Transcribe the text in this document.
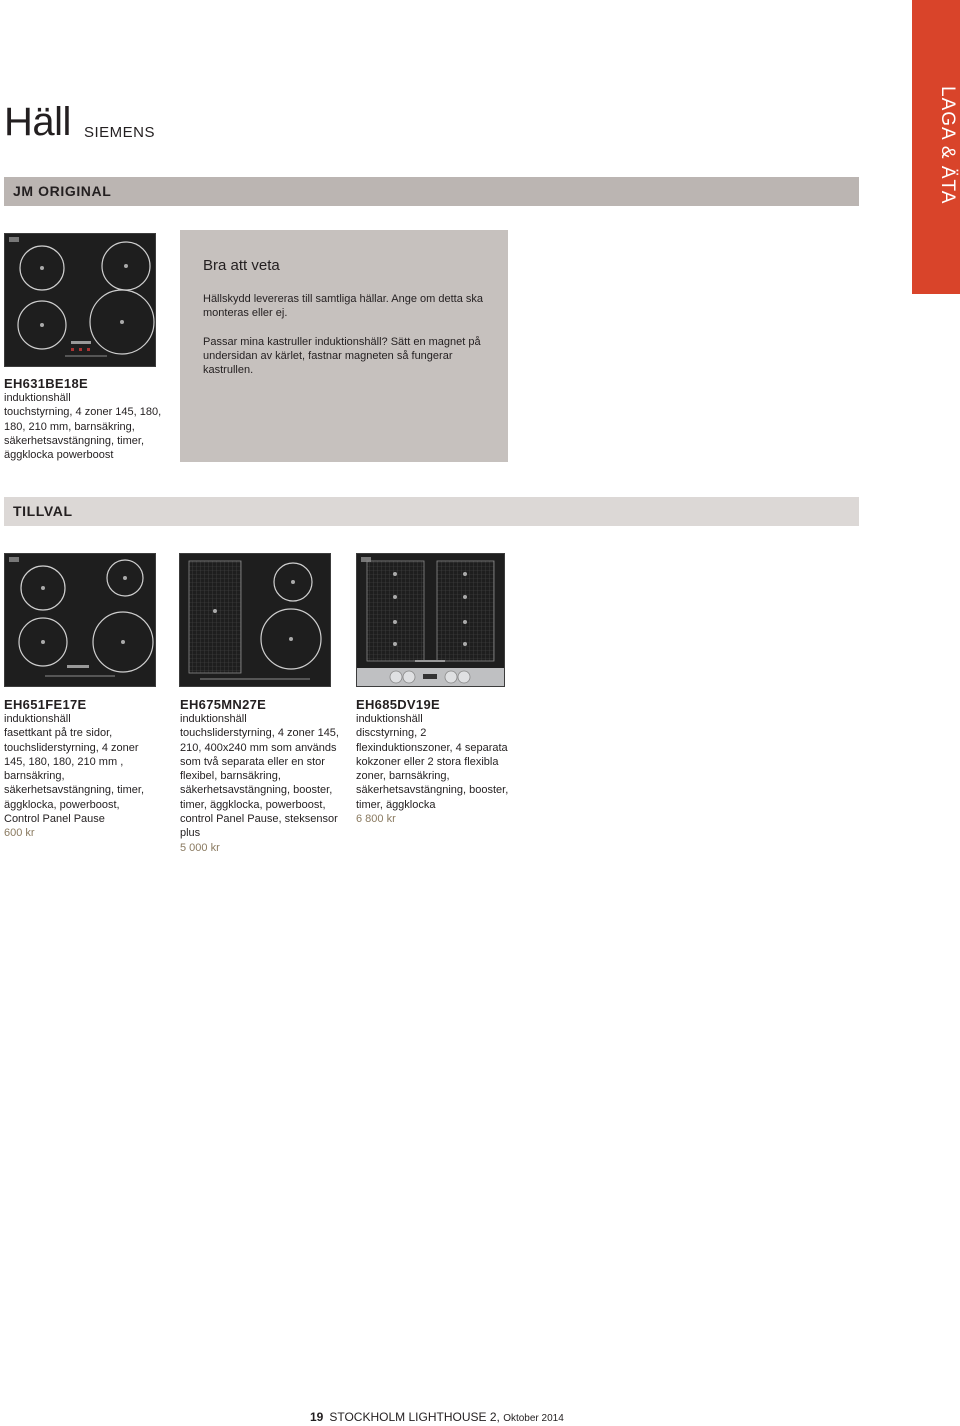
LAGA & ÄTA
Häll SIEMENS
JM ORIGINAL
EH631BE18E
induktionshäll
touchstyrning, 4 zoner 145, 180, 180, 210 mm, barnsäkring, säkerhetsavstängning, timer, äggklocka powerboost
Bra att veta
Hällskydd levereras till samtliga hällar. Ange om detta ska monteras eller ej.
Passar mina kastruller induktionshäll? Sätt en magnet på undersidan av kärlet, fastnar magneten så fungerar kastrullen.
TILLVAL
EH651FE17E
induktionshäll
fasettkant på tre sidor, touchsliderstyrning, 4 zoner 145, 180, 180, 210 mm , barnsäkring, säkerhetsavstängning, timer, äggklocka, powerboost, Control Panel Pause
600 kr
EH675MN27E
induktionshäll
touchsliderstyrning, 4 zoner 145, 210, 400x240 mm som används som två separata eller en stor flexibel, barnsäkring, säkerhetsavstängning, booster, timer, äggklocka, powerboost, control Panel Pause, steksensor plus
5 000 kr
EH685DV19E
induktionshäll
discstyrning, 2 flexinduktionszoner, 4 separata kokzoner eller 2 stora flexibla zoner, barnsäkring, säkerhetsavstängning, booster, timer, äggklocka
6 800 kr
19 STOCKHOLM LIGHTHOUSE 2, Oktober 2014
